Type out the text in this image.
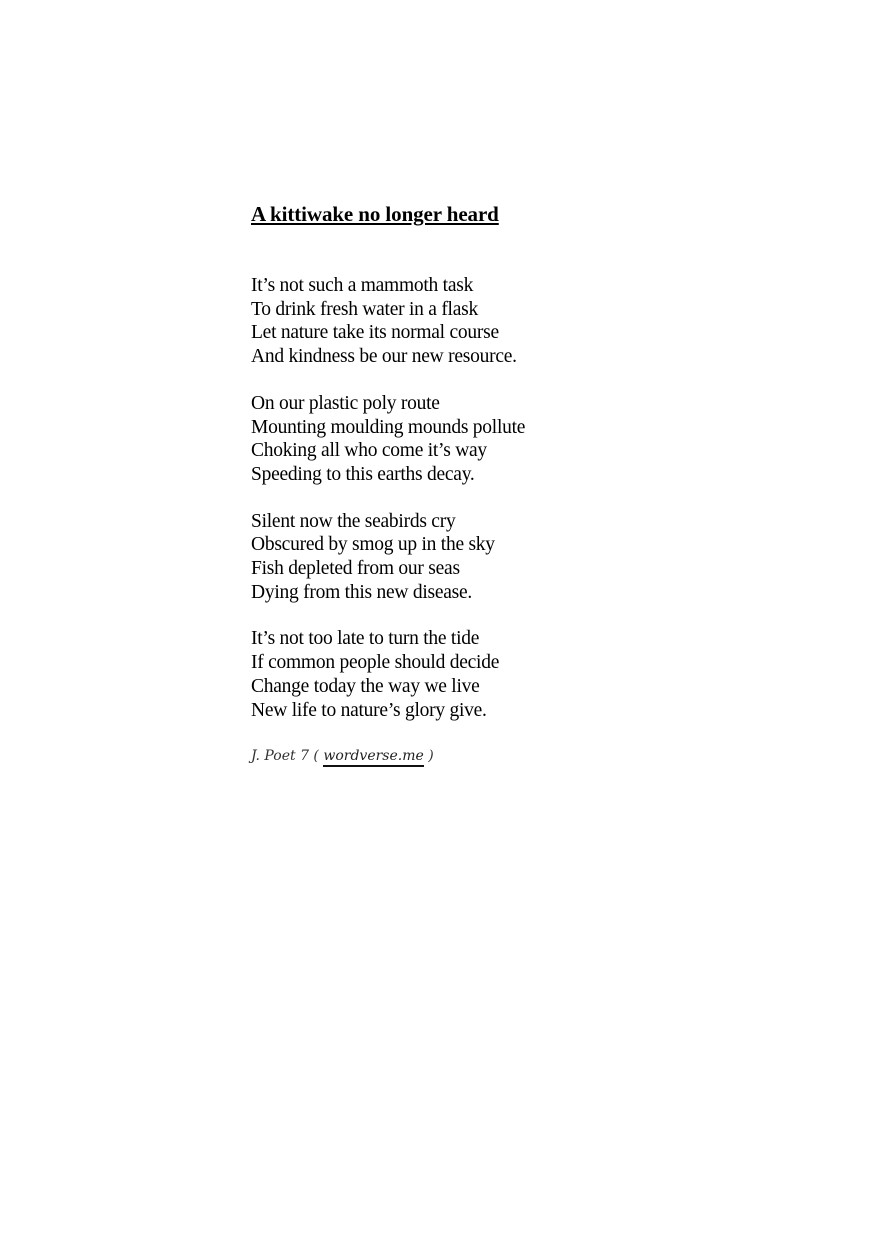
A kittiwake no longer heard
It’s not such a mammoth task
To drink fresh water in a flask
Let nature take its normal course
And kindness be our new resource.
On our plastic poly route
Mounting moulding mounds pollute
Choking all who come it’s way
Speeding to this earths decay.
Silent now the seabirds cry
Obscured by smog up in the sky
Fish depleted from our seas
Dying from this new disease.
It’s not too late to turn the tide
If common people should decide
Change today the way we live
New life to nature’s glory give.
J. Poet 7 ( wordverse.me )
